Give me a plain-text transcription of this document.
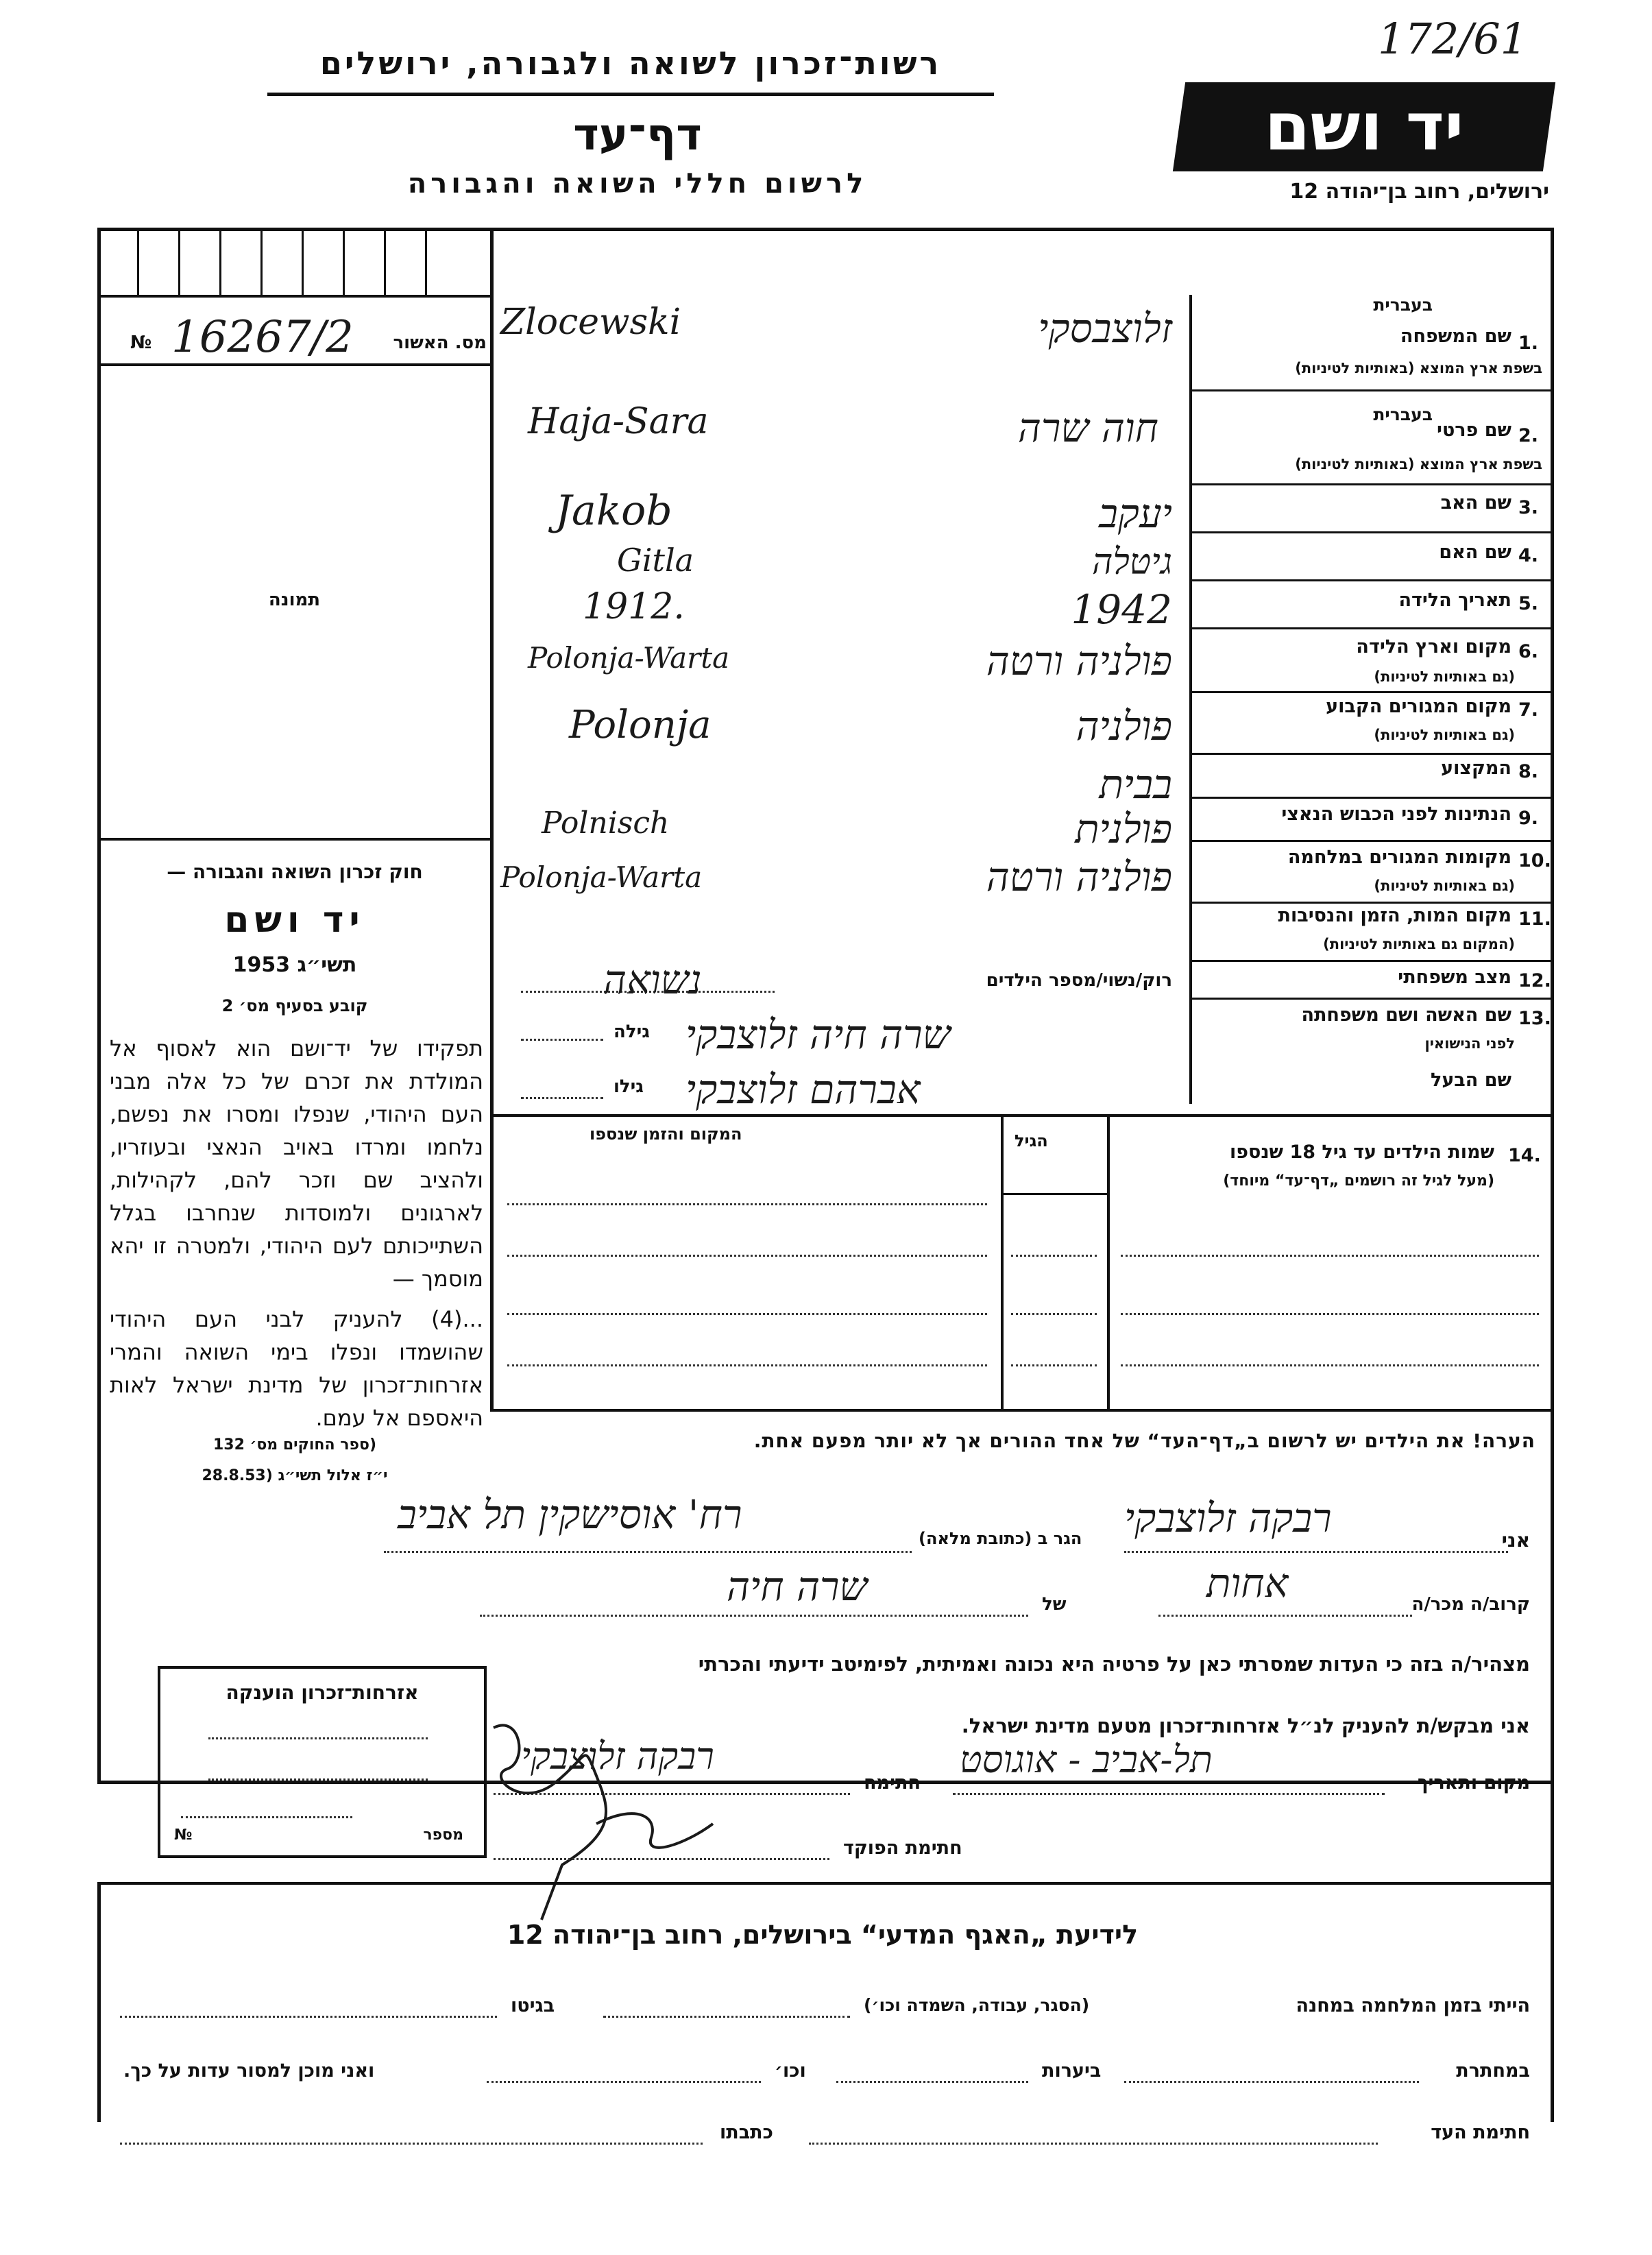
172/61
רשות־זכרון לשואה ולגבורה, ירושלים
דף־עד
לרשום חללי השואה והגבורה
יד ושם
ירושלים, רחוב בן־יהודה 12
№ 16267/2 מס. האשור
תמונה
חוק זכרון השואה והגבורה —
יד ושם
תשי״ג 1953
קובע בסעיף מס׳ 2
תפקידו של יד־ושם הוא לאסוף אל המולדת את זכרם של כל אלה מבני העם היהודי, שנפלו ומסרו את נפשם, נלחמו ומרדו באויב הנאצי ובעוזריו, ולהציב שם וזכר להם, לקהילות, לארגונים ולמוסדות שנחרבו בגלל השתייכותם לעם היהודי, ולמטרה זו יהא מוסמך —
...(4) להעניק לבני העם היהודי שהושמדו ונפלו בימי השואה והמרי אזרחות־זכרון של מדינת ישראל לאות היאספם אל עמם.
(ספר החוקים מס׳ 132
י״ז אלול תשי״ג (28.8.53
1.
שם המשפחה
בשפת ארץ המוצא (באותיות לטיניות)
בעברית
Zlocewski	זלוצבסקי
2.
שם פרטי
בשפת ארץ המוצא (באותיות לטיניות)
בעברית
Haja-Sara	חוה שרה
3.
שם האב
Jakob	יעקב
4.
שם האם
Gitla	גיטלה
5.
תאריך הלידה
1912.	1942
6.
מקום וארץ הלידה
(גם באותיות לטיניות)
Polonja-Warta	פולניה ורטה
7.
מקום המגורים הקבוע
(גם באותיות לטיניות)
Polonja	פולניה
8.
המקצוע
בבית
9.
הנתינות לפני הכבוש הנאצי
Polnisch	פולנית
10.
מקומות המגורים במלחמה
(גם באותיות לטיניות)
Polonja-Warta	פולניה ורטה
11.
מקום המות, הזמן והנסיבות
(המקום גם באותיות לטיניות)
12.
מצב משפחתי
13.
שם האשה ושם משפחתה
לפני הנישואין
שם הבעל
רוק/נשוי/מספר הילדים
נשואה
גילה שרה חיה זלוצבקי
גילו אברהם זלוצבקי
14.
שמות הילדים עד גיל 18 שנספו
(מעל לגיל זה רושמים „דף־עד“ מיוחד)
הגיל
המקום והזמן שנספו
הערה! את הילדים יש לרשום ב„דף־העד“ של אחד ההורים אך לא יותר מפעם אחת.
אני
רבקה זלוצבקי
הגר ב (כתובת מלאה)
רח' אוסישקין תל אביב
קרוב/ה מכר/ה
אחות
של
שרה חיה
מצהיר/ה בזה כי העדות שמסרתי כאן על פרטיה היא נכונה ואמיתית, לפימיטב ידיעתי והכרתי
אני מבקש/ת להעניק לנ״ל אזרחות־זכרון מטעם מדינת ישראל.
מקום ותאריך
תל-אביב - אוגוסט
חתימה
רבקה זלוצבקי
חתימת הפוקד
אזרחות־זכרון הוענקה
№	מספר
לידיעת „האגף המדעי“ בירושלים, רחוב בן־יהודה 12
הייתי בזמן המלחמה במחנה
(הסגר, עבודה, השמדה וכו׳)
בגיטו
במחתרת
ביערות
וכו׳
ואני מוכן למסור עדות על כך.
חתימת העד
כתבתו
